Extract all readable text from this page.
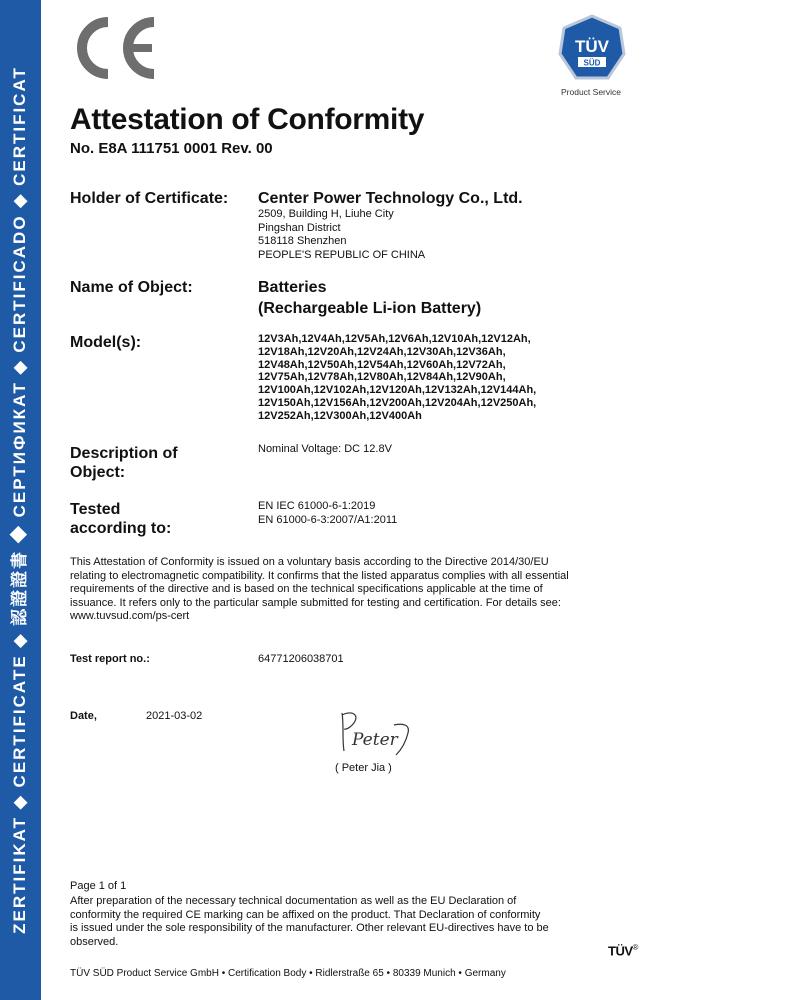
ZERTIFIKAT ◆ CERTIFICATE ◆ 認證證書 ◆ СЕРТИФИКАТ ◆ CERTIFICADO ◆ CERTIFICAT
TÜV
SÜD
Product Service
Attestation of Conformity
No. E8A 111751 0001 Rev. 00
Holder of Certificate: Center Power Technology Co., Ltd.
2509, Building H, Liuhe City
Pingshan District
518118 Shenzhen
PEOPLE'S REPUBLIC OF CHINA
Name of Object:	Batteries
(Rechargeable Li-ion Battery)
Model(s):	12V3Ah,12V4Ah,12V5Ah,12V6Ah,12V10Ah,12V12Ah,
12V18Ah,12V20Ah,12V24Ah,12V30Ah,12V36Ah,
12V48Ah,12V50Ah,12V54Ah,12V60Ah,12V72Ah,
12V75Ah,12V78Ah,12V80Ah,12V84Ah,12V90Ah,
12V100Ah,12V102Ah,12V120Ah,12V132Ah,12V144Ah,
12V150Ah,12V156Ah,12V200Ah,12V204Ah,12V250Ah,
12V252Ah,12V300Ah,12V400Ah
Description of
Object:
Nominal Voltage: DC 12.8V
Tested
according to:
EN IEC 61000-6-1:2019
EN 61000-6-3:2007/A1:2011
This Attestation of Conformity is issued on a voluntary basis according to the Directive 2014/30/EU
relating to electromagnetic compatibility. It confirms that the listed apparatus complies with all essential
requirements of the directive and is based on the technical specifications applicable at the time of
issuance. It refers only to the particular sample submitted for testing and certification. For details see:
www.tuvsud.com/ps-cert
Test report no.:	64771206038701
Date,	2021-03-02
Peter
( Peter Jia )
Page 1 of 1
After preparation of the necessary technical documentation as well as the EU Declaration of
conformity the required CE marking can be affixed on the product. That Declaration of conformity
is issued under the sole responsibility of the manufacturer. Other relevant EU-directives have to be
observed.
TÜV®
TÜV SÜD Product Service GmbH • Certification Body • Ridlerstraße 65 • 80339 Munich • Germany
